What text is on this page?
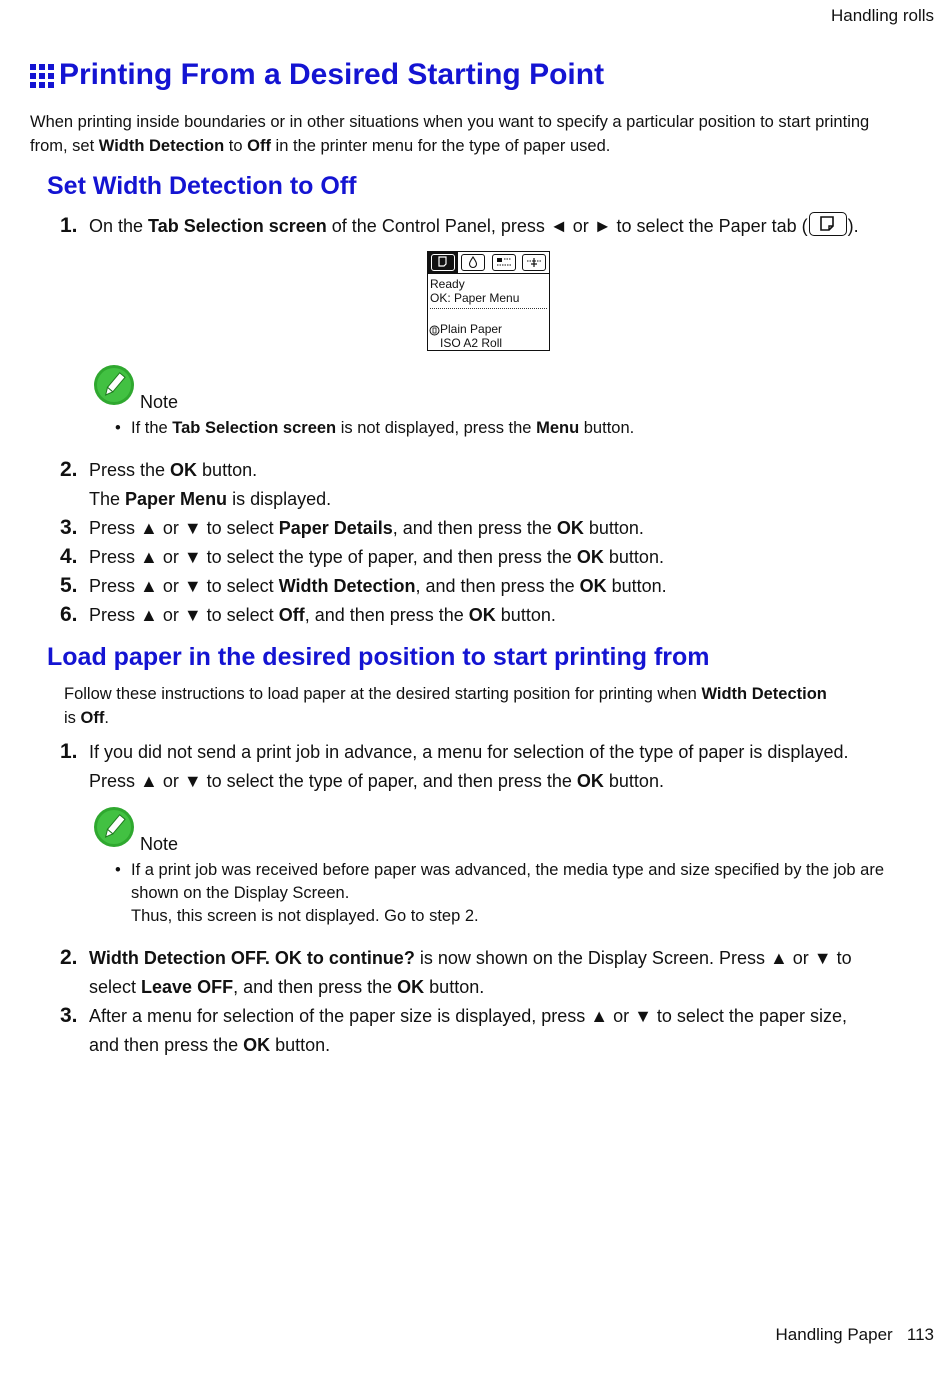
Handling rolls
Printing From a Desired Starting Point
When printing inside boundaries or in other situations when you want to specify a particular position to start printing from, set Width Detection to Off in the printer menu for the type of paper used.
Set Width Detection to Off
1. On the Tab Selection screen of the Control Panel, press ◄ or ► to select the Paper tab ( ).
Ready
OK: Paper Menu
Plain Paper
ISO A2 Roll
Note
• If the Tab Selection screen is not displayed, press the Menu button.
2. Press the OK button.
The Paper Menu is displayed.
3. Press ▲ or ▼ to select Paper Details, and then press the OK button.
4. Press ▲ or ▼ to select the type of paper, and then press the OK button.
5. Press ▲ or ▼ to select Width Detection, and then press the OK button.
6. Press ▲ or ▼ to select Off, and then press the OK button.
Load paper in the desired position to start printing from
Follow these instructions to load paper at the desired starting position for printing when Width Detection
is Off.
1. If you did not send a print job in advance, a menu for selection of the type of paper is displayed.
Press ▲ or ▼ to select the type of paper, and then press the OK button.
Note
• If a print job was received before paper was advanced, the media type and size specified by the job are shown on the Display Screen.
Thus, this screen is not displayed. Go to step 2.
2. Width Detection OFF. OK to continue? is now shown on the Display Screen. Press ▲ or ▼ to select Leave OFF, and then press the OK button.
3. After a menu for selection of the paper size is displayed, press ▲ or ▼ to select the paper size, and then press the OK button.
Handling Paper 113
